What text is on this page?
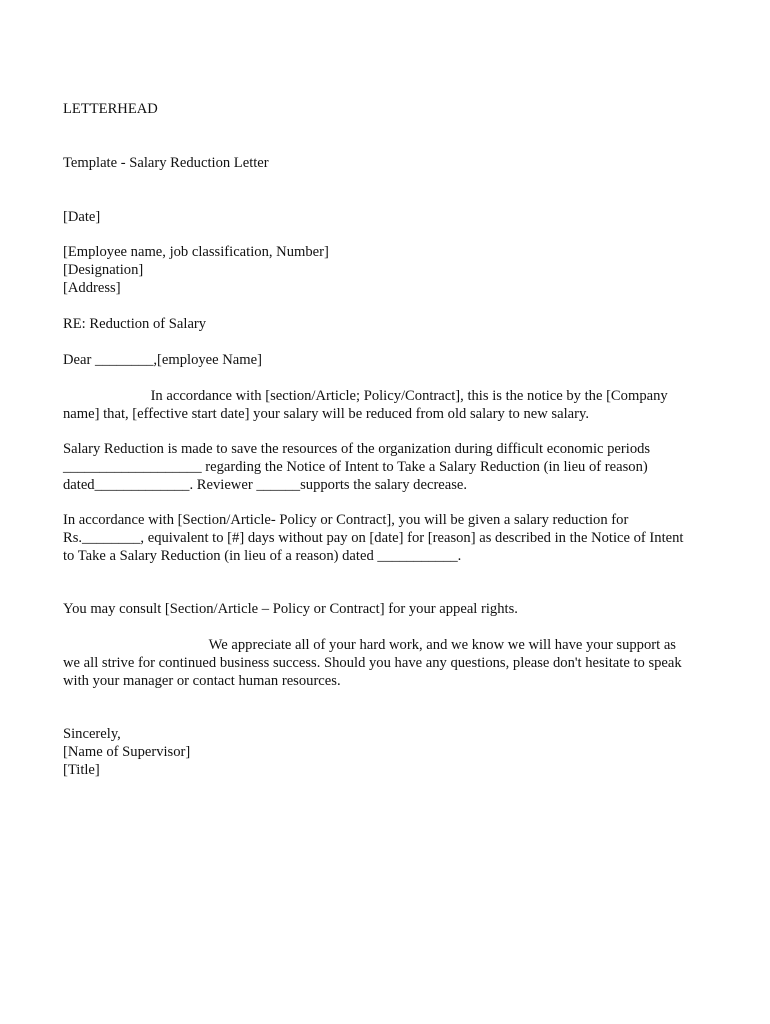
LETTERHEAD

Template - Salary Reduction Letter

[Date]

[Employee name, job classification, Number]

[Designation]

[Address]

RE: Reduction of Salary

Dear ________,[employee Name]

In accordance with [section/Article; Policy/Contract], this is the notice by the [Company

name] that, [effective start date] your salary will be reduced from old salary to new salary.

Salary Reduction is made to save the resources of the organization during difficult economic periods

___________________ regarding the Notice of Intent to Take a Salary Reduction (in lieu of reason)

dated_____________. Reviewer ______supports the salary decrease.

In accordance with [Section/Article- Policy or Contract], you will be given a salary reduction for

Rs.________, equivalent to [#] days without pay on [date] for [reason] as described in the Notice of Intent

to Take a Salary Reduction (in lieu of a reason) dated ___________.

You may consult [Section/Article – Policy or Contract] for your appeal rights.

We appreciate all of your hard work, and we know we will have your support as

we all strive for continued business success. Should you have any questions, please don't hesitate to speak

with your manager or contact human resources.

Sincerely,

[Name of Supervisor]

[Title]
